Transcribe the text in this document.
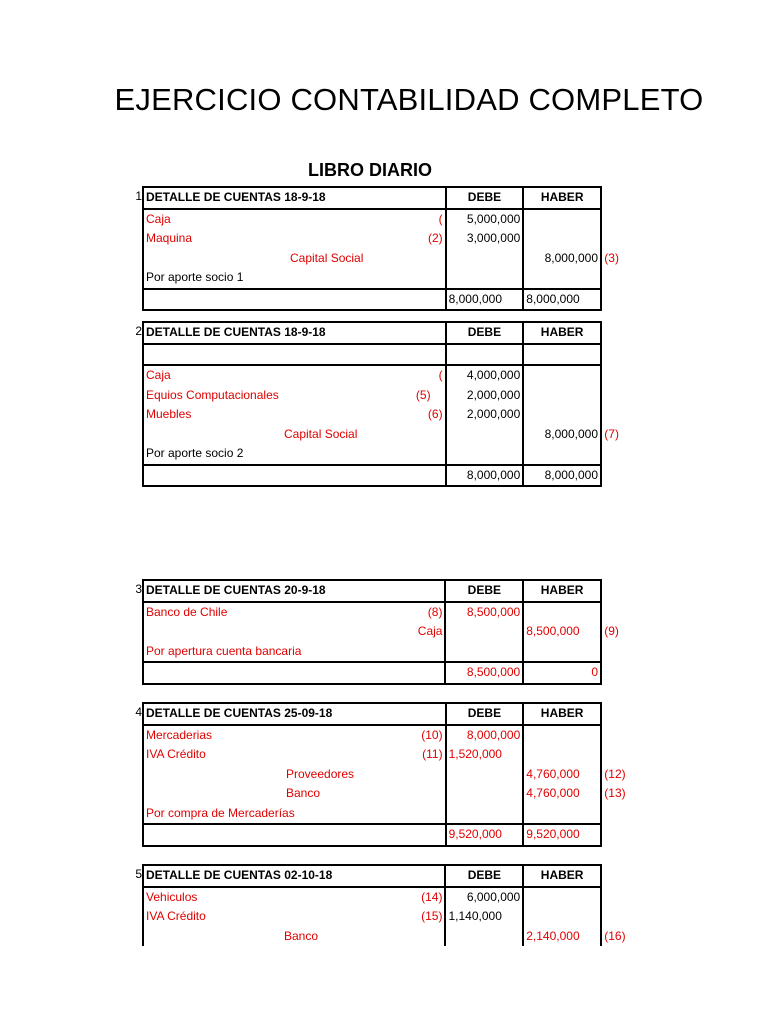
EJERCICIO CONTABILIDAD COMPLETO
LIBRO DIARIO
1 DETALLE DE CUENTAS 18-9-18	DEBE	HABER
Caja (	5,000,000	
Maquina (2)	3,000,000	
Capital Social		8,000,000 (3)

Por aporte socio 1		
	8,000,000	8,000,000
2 DETALLE DE CUENTAS 18-9-18	DEBE	HABER

Caja (	4,000,000	
Equios Computacionales (5)	2,000,000	
Muebles (6)	2,000,000	
Capital Social		8,000,000 (7)

Por aporte socio 2		
	8,000,000	8,000,000
3 DETALLE DE CUENTAS 20-9-18	DEBE	HABER
Banco de Chile (8)	8,500,000	
Caja		8,500,000 (9)

Por apertura cuenta bancaria		
	8,500,000	0
4 DETALLE DE CUENTAS 25-09-18	DEBE	HABER
Mercaderias (10)	8,000,000	
IVA Crédito (11)	1,520,000	
Proveedores		4,760,000 (12)

Banco		4,760,000 (13)

Por compra de Mercaderías		
	9,520,000	9,520,000
5 DETALLE DE CUENTAS 02-10-18	DEBE	HABER
Vehiculos (14)	6,000,000	
IVA Crédito (15)	1,140,000	
Banco		2,140,000 (16)
